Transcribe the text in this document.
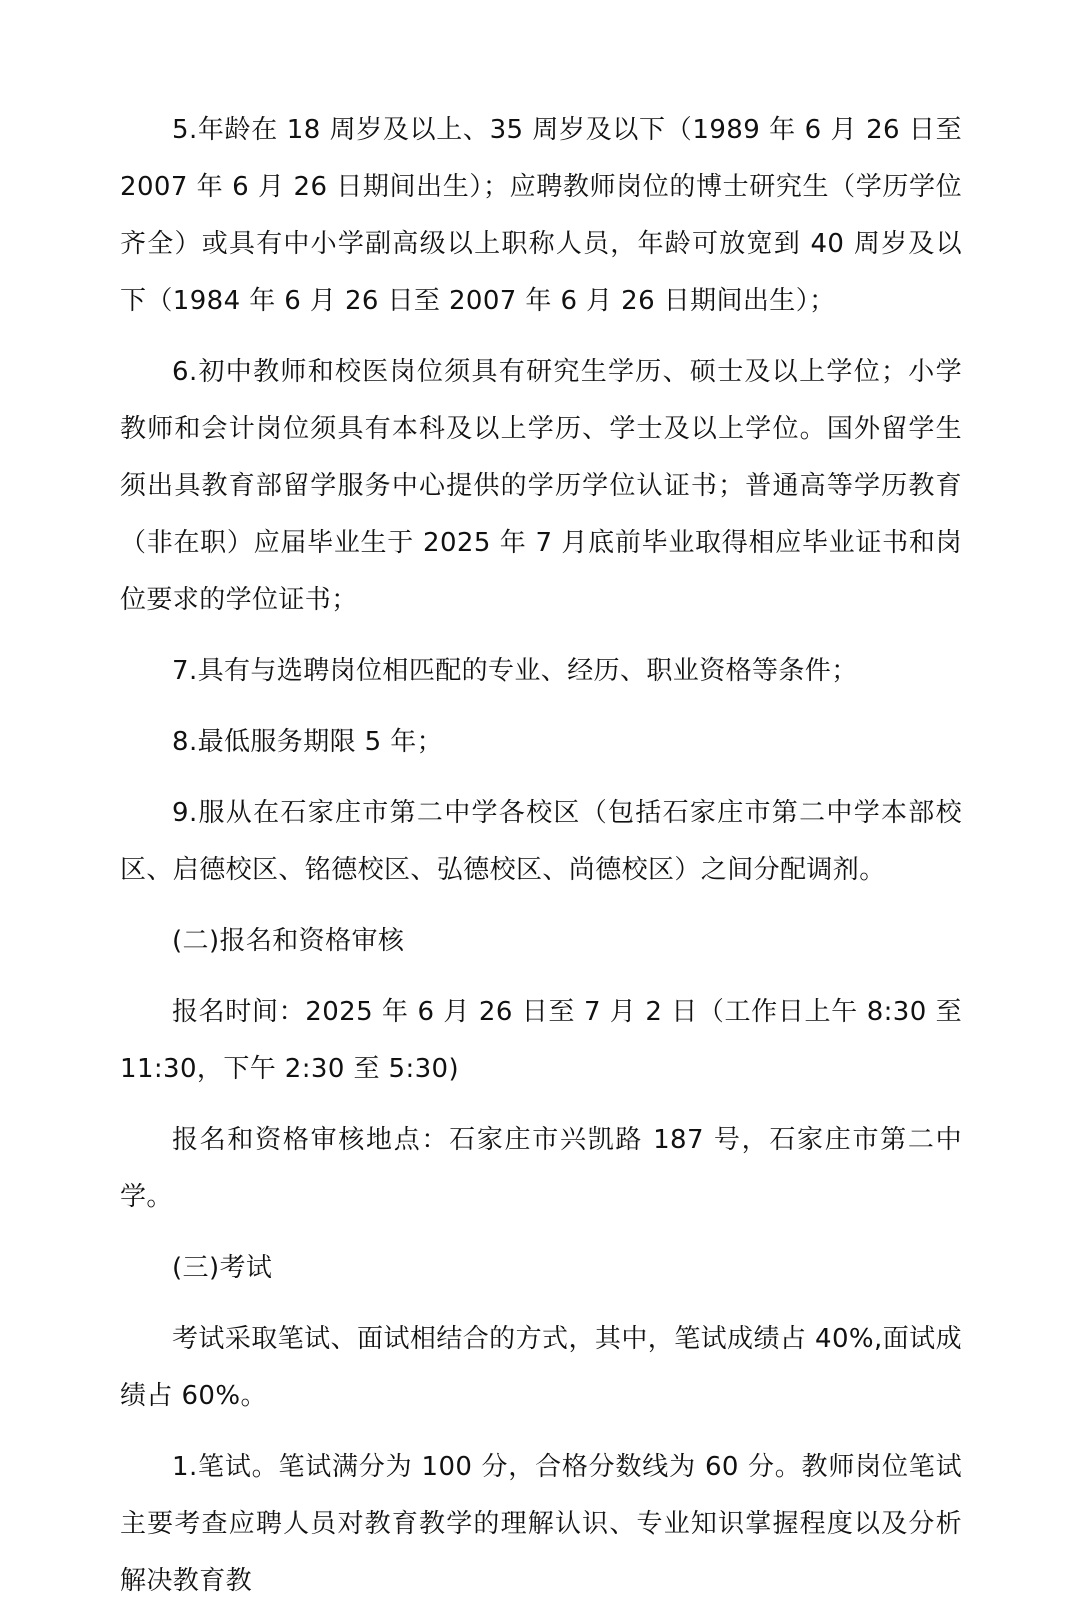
5.年龄在 18 周岁及以上、35 周岁及以下（1989 年 6 月 26 日至 2007 年 6 月 26 日期间出生）；应聘教师岗位的博士研究生（学历学位齐全）或具有中小学副高级以上职称人员，年龄可放宽到 40 周岁及以下（1984 年 6 月 26 日至 2007 年 6 月 26 日期间出生）；

6.初中教师和校医岗位须具有研究生学历、硕士及以上学位；小学教师和会计岗位须具有本科及以上学历、学士及以上学位。国外留学生须出具教育部留学服务中心提供的学历学位认证书；普通高等学历教育（非在职）应届毕业生于 2025 年 7 月底前毕业取得相应毕业证书和岗位要求的学位证书；

7.具有与选聘岗位相匹配的专业、经历、职业资格等条件；

8.最低服务期限 5 年；

9.服从在石家庄市第二中学各校区（包括石家庄市第二中学本部校区、启德校区、铭德校区、弘德校区、尚德校区）之间分配调剂。

(二)报名和资格审核

报名时间：2025 年 6 月 26 日至 7 月 2 日（工作日上午 8:30 至 11:30，下午 2:30 至 5:30)

报名和资格审核地点：石家庄市兴凯路 187 号，石家庄市第二中学。

(三)考试

考试采取笔试、面试相结合的方式，其中，笔试成绩占 40%,面试成绩占 60%。

1.笔试。笔试满分为 100 分，合格分数线为 60 分。教师岗位笔试主要考查应聘人员对教育教学的理解认识、专业知识掌握程度以及分析解决教育教
